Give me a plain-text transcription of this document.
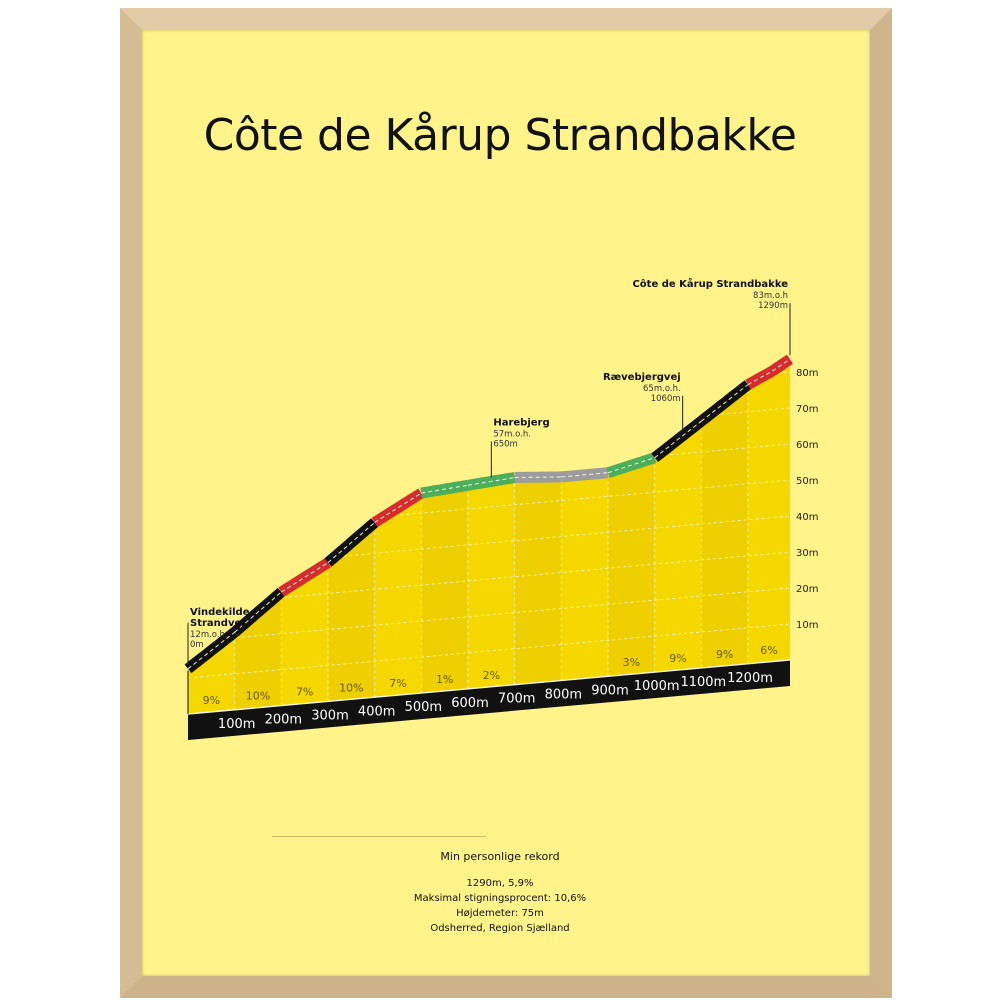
Côte de Kårup Strandbakke
100m 200m 300m 400m 500m 600m 700m 800m 900m 1000m 1100m 1200m
9% 10% 7% 10% 7%	1%	2%
3%	9%	9% 6%
10m
20m
30m
40m
50m
60m
70m
80m
Vindekilde
Strandvej
12m.o.h.
0m
Harebjerg
57m.o.h.
650m
Rævebjergvej
65m.o.h.
1060m
Côte de Kårup Strandbakke
83m.o.h
1290m
Min personlige rekord
1290m, 5,9%
Maksimal stigningsprocent: 10,6%
Højdemeter: 75m
Odsherred, Region Sjælland
